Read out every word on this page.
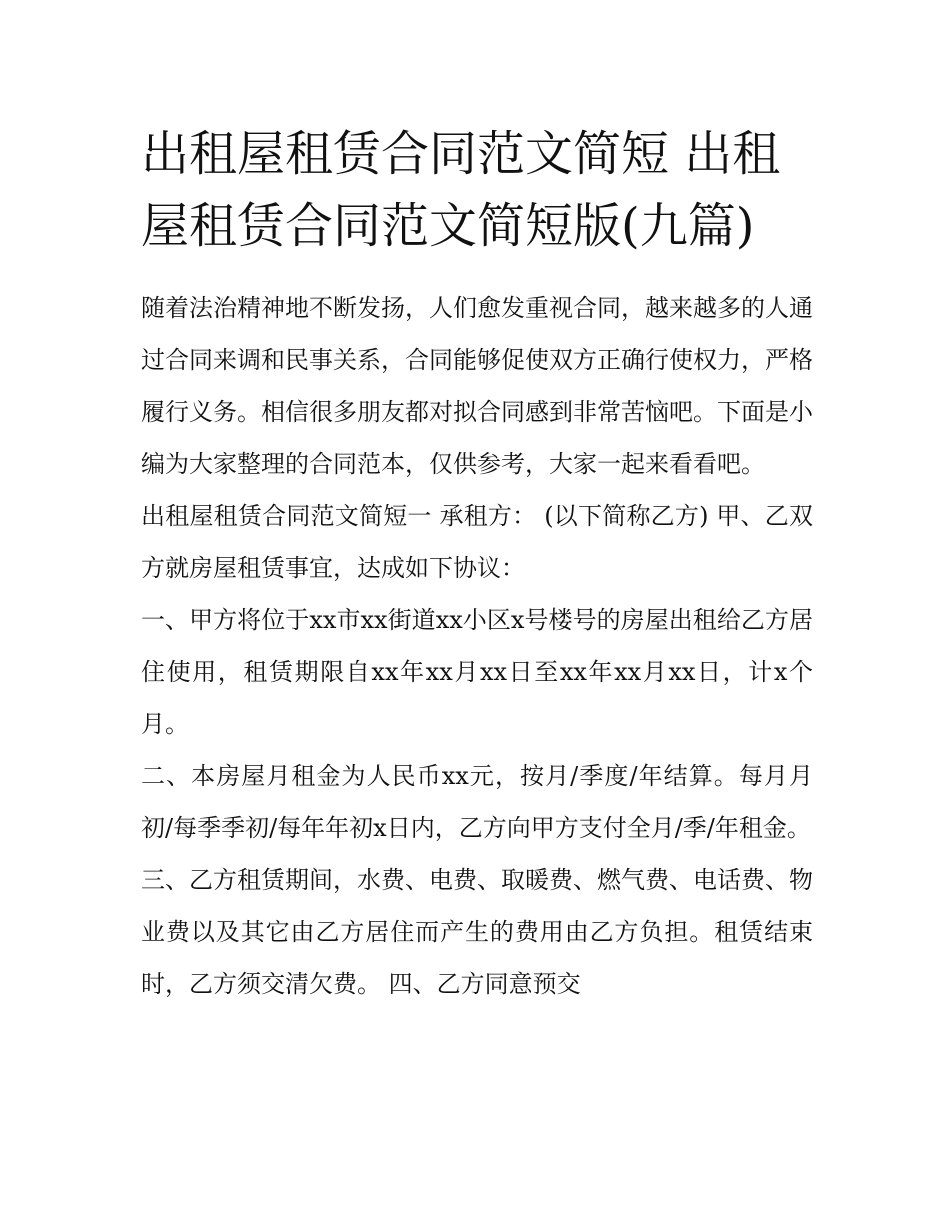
出租屋租赁合同范文简短 出租屋租赁合同范文简短版(九篇)

随着法治精神地不断发扬，人们愈发重视合同，越来越多的人通过合同来调和民事关系，合同能够促使双方正确行使权力，严格履行义务。相信很多朋友都对拟合同感到非常苦恼吧。下面是小编为大家整理的合同范本，仅供参考，大家一起来看看吧。

出租屋租赁合同范文简短一 承租方： (以下简称乙方) 甲、乙双方就房屋租赁事宜，达成如下协议：

一、甲方将位于xx市xx街道xx小区x号楼号的房屋出租给乙方居住使用，租赁期限自xx年xx月xx日至xx年xx月xx日，计x个月。

二、本房屋月租金为人民币xx元，按月/季度/年结算。每月月初/每季季初/每年年初x日内，乙方向甲方支付全月/季/年租金。

三、乙方租赁期间，水费、电费、取暖费、燃气费、电话费、物业费以及其它由乙方居住而产生的费用由乙方负担。租赁结束时，乙方须交清欠费。 四、乙方同意预交
